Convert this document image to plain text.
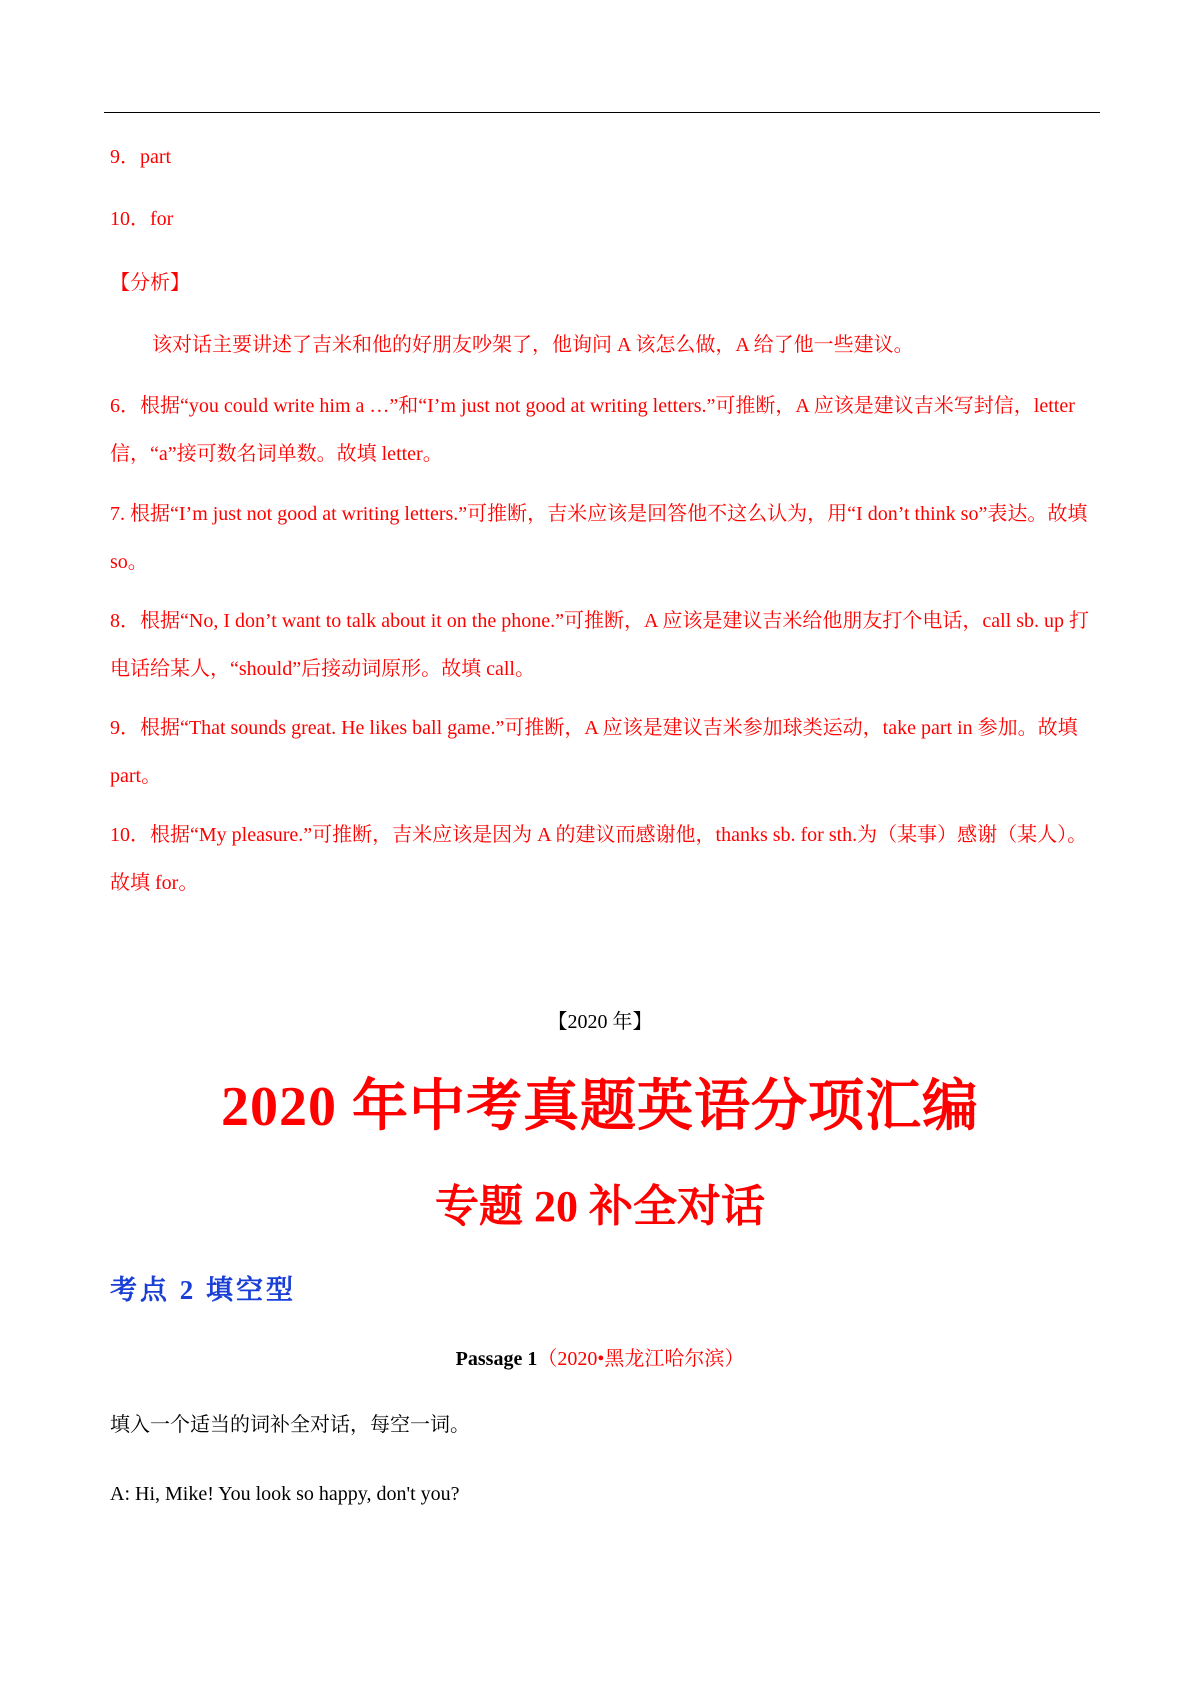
9．part
10．for
【分析】
该对话主要讲述了吉米和他的好朋友吵架了，他询问 A 该怎么做，A 给了他一些建议。
6．根据“you could write him a …”和“I’m just not good at writing letters.”可推断，A 应该是建议吉米写封信，letter 信，“a”接可数名词单数。故填 letter。
7. 根据“I’m just not good at writing letters.”可推断，吉米应该是回答他不这么认为，用“I don’t think so”表达。故填 so。
8．根据“No, I don’t want to talk about it on the phone.”可推断，A 应该是建议吉米给他朋友打个电话，call sb. up 打电话给某人，“should”后接动词原形。故填 call。
9．根据“That sounds great. He likes ball game.”可推断，A 应该是建议吉米参加球类运动，take part in 参加。故填 part。
10．根据“My pleasure.”可推断，吉米应该是因为 A 的建议而感谢他，thanks sb. for sth.为（某事）感谢（某人）。故填 for。
【2020 年】
2020 年中考真题英语分项汇编
专题 20 补全对话
考点 2 填空型
Passage 1（2020•黑龙江哈尔滨）
填入一个适当的词补全对话，每空一词。
A: Hi, Mike! You look so happy, don't you?
